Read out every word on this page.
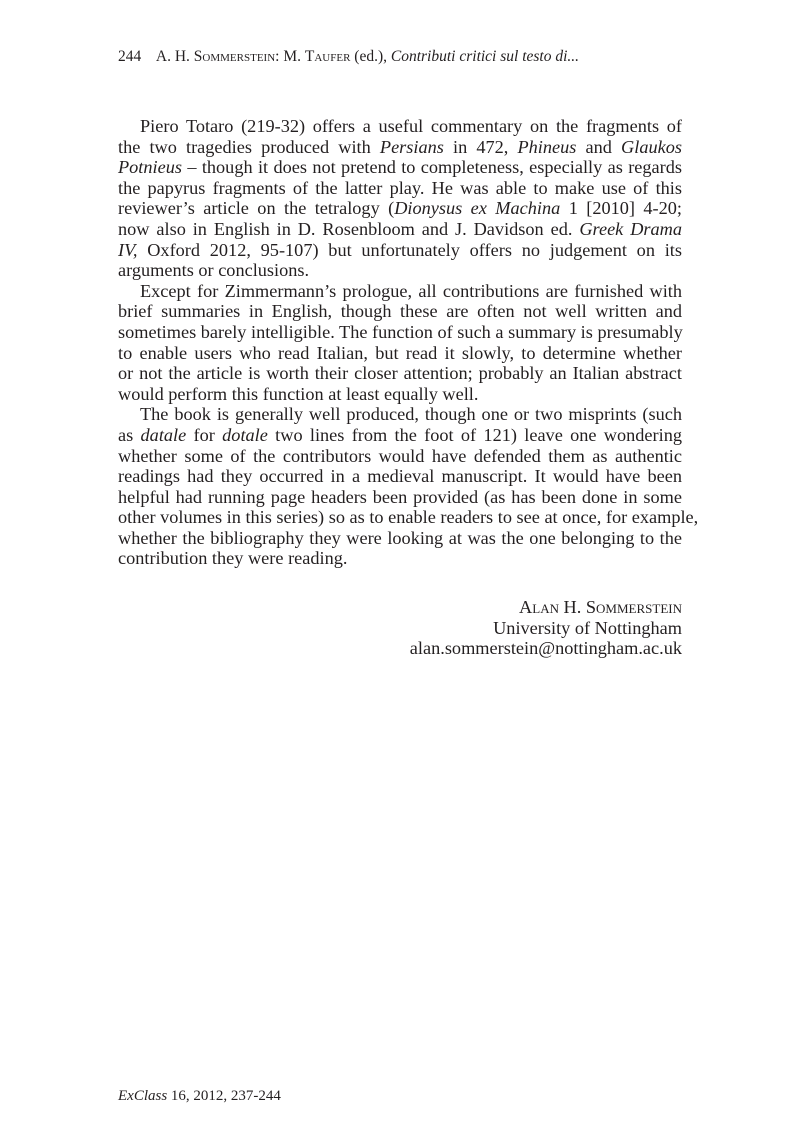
244 A. H. Sommerstein: M. Taufer (ed.), Contributi critici sul testo di...
Piero Totaro (219-32) offers a useful commentary on the fragments of
the two tragedies produced with Persians in 472, Phineus and Glaukos
Potnieus – though it does not pretend to completeness, especially as regards
the papyrus fragments of the latter play. He was able to make use of this
reviewer’s article on the tetralogy (Dionysus ex Machina 1 [2010] 4-20;
now also in English in D. Rosenbloom and J. Davidson ed. Greek Drama
IV, Oxford 2012, 95-107) but unfortunately offers no judgement on its
arguments or conclusions.
Except for Zimmermann’s prologue, all contributions are furnished with
brief summaries in English, though these are often not well written and
sometimes barely intelligible. The function of such a summary is presumably
to enable users who read Italian, but read it slowly, to determine whether
or not the article is worth their closer attention; probably an Italian abstract
would perform this function at least equally well.
The book is generally well produced, though one or two misprints (such
as datale for dotale two lines from the foot of 121) leave one wondering
whether some of the contributors would have defended them as authentic
readings had they occurred in a medieval manuscript. It would have been
helpful had running page headers been provided (as has been done in some
other volumes in this series) so as to enable readers to see at once, for example,
whether the bibliography they were looking at was the one belonging to the
contribution they were reading.
Alan H. Sommerstein
University of Nottingham
alan.sommerstein@nottingham.ac.uk
ExClass 16, 2012, 237-244
